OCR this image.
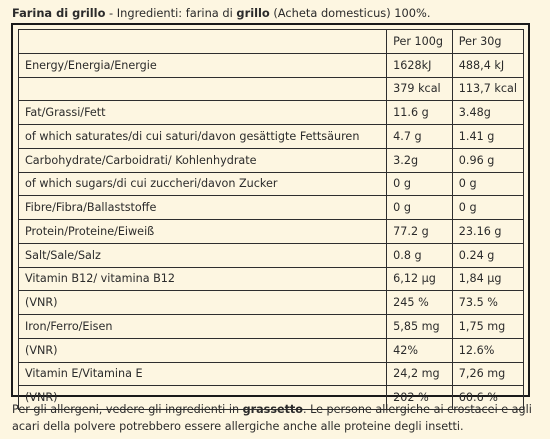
Farina di grillo - Ingredienti: farina di grillo (Acheta domesticus) 100%.
	Per 100g	Per 30g
Energy/Energia/Energie	1628kJ	488,4 kJ
	379 kcal	113,7 kcal
Fat/Grassi/Fett	11.6 g	3.48g
of which saturates/di cui saturi/davon gesättigte Fettsäuren	4.7 g	1.41 g
Carbohydrate/Carboidrati/ Kohlenhydrate	3.2g	0.96 g
of which sugars/di cui zuccheri/davon Zucker	0 g	0 g
Fibre/Fibra/Ballaststoffe	0 g	0 g
Protein/Proteine/Eiweiß	77.2 g	23.16 g
Salt/Sale/Salz	0.8 g	0.24 g
Vitamin B12/ vitamina B12	6,12 µg	1,84 µg
(VNR)	245 %	73.5 %
Iron/Ferro/Eisen	5,85 mg	1,75 mg
(VNR)	42%	12.6%
Vitamin E/Vitamina E	24,2 mg	7,26 mg
(VNR)	202 %	60.6 %
Per gli allergeni, vedere gli ingredienti in grassetto. Le persone allergiche ai crostacei e agli acari della polvere potrebbero essere allergiche anche alle proteine degli insetti.
